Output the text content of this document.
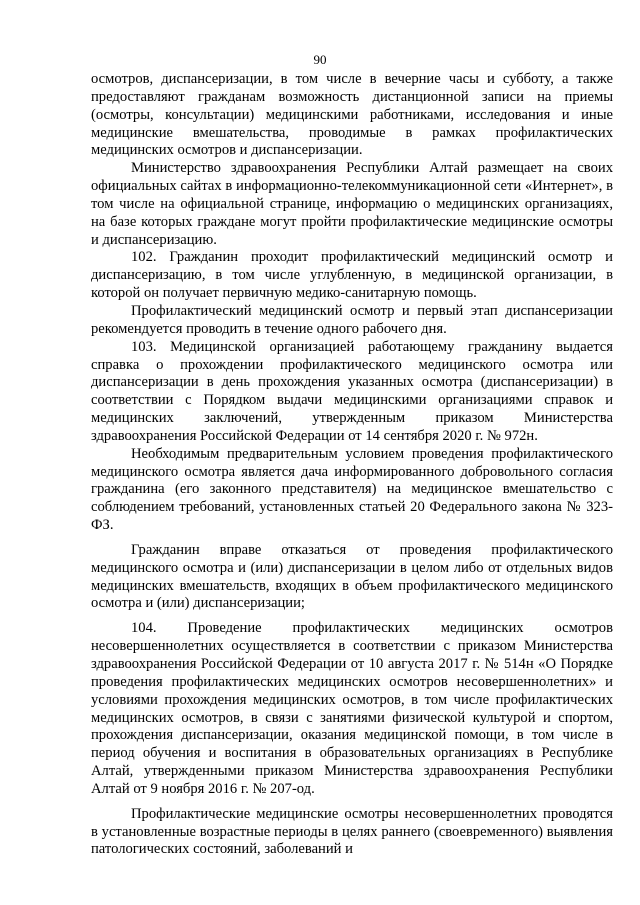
90

осмотров, диспансеризации, в том числе в вечерние часы и субботу, а также предоставляют гражданам возможность дистанционной записи на приемы (осмотры, консультации) медицинскими работниками, исследования и иные медицинские вмешательства, проводимые в рамках профилактических медицинских осмотров и диспансеризации.

Министерство здравоохранения Республики Алтай размещает на своих официальных сайтах в информационно-телекоммуникационной сети «Интернет», в том числе на официальной странице, информацию о медицинских организациях, на базе которых граждане могут пройти профилактические медицинские осмотры и диспансеризацию.

102. Гражданин проходит профилактический медицинский осмотр и диспансеризацию, в том числе углубленную, в медицинской организации, в которой он получает первичную медико-санитарную помощь.

Профилактический медицинский осмотр и первый этап диспансеризации рекомендуется проводить в течение одного рабочего дня.

103. Медицинской организацией работающему гражданину выдается справка о прохождении профилактического медицинского осмотра или диспансеризации в день прохождения указанных осмотра (диспансеризации) в соответствии с Порядком выдачи медицинскими организациями справок и медицинских заключений, утвержденным приказом Министерства здравоохранения Российской Федерации от 14 сентября 2020 г. № 972н.

Необходимым предварительным условием проведения профилактического медицинского осмотра является дача информированного добровольного согласия гражданина (его законного представителя) на медицинское вмешательство с соблюдением требований, установленных статьей 20 Федерального закона № 323-ФЗ.

Гражданин вправе отказаться от проведения профилактического медицинского осмотра и (или) диспансеризации в целом либо от отдельных видов медицинских вмешательств, входящих в объем профилактического медицинского осмотра и (или) диспансеризации;

104. Проведение профилактических медицинских осмотров несовершеннолетних осуществляется в соответствии с приказом Министерства здравоохранения Российской Федерации от 10 августа 2017 г. № 514н «О Порядке проведения профилактических медицинских осмотров несовершеннолетних» и условиями прохождения медицинских осмотров, в том числе профилактических медицинских осмотров, в связи с занятиями физической культурой и спортом, прохождения диспансеризации, оказания медицинской помощи, в том числе в период обучения и воспитания в образовательных организациях в Республике Алтай, утвержденными приказом Министерства здравоохранения Республики Алтай от 9 ноября 2016 г. № 207-од.

Профилактические медицинские осмотры несовершеннолетних проводятся в установленные возрастные периоды в целях раннего (своевременного) выявления патологических состояний, заболеваний и
